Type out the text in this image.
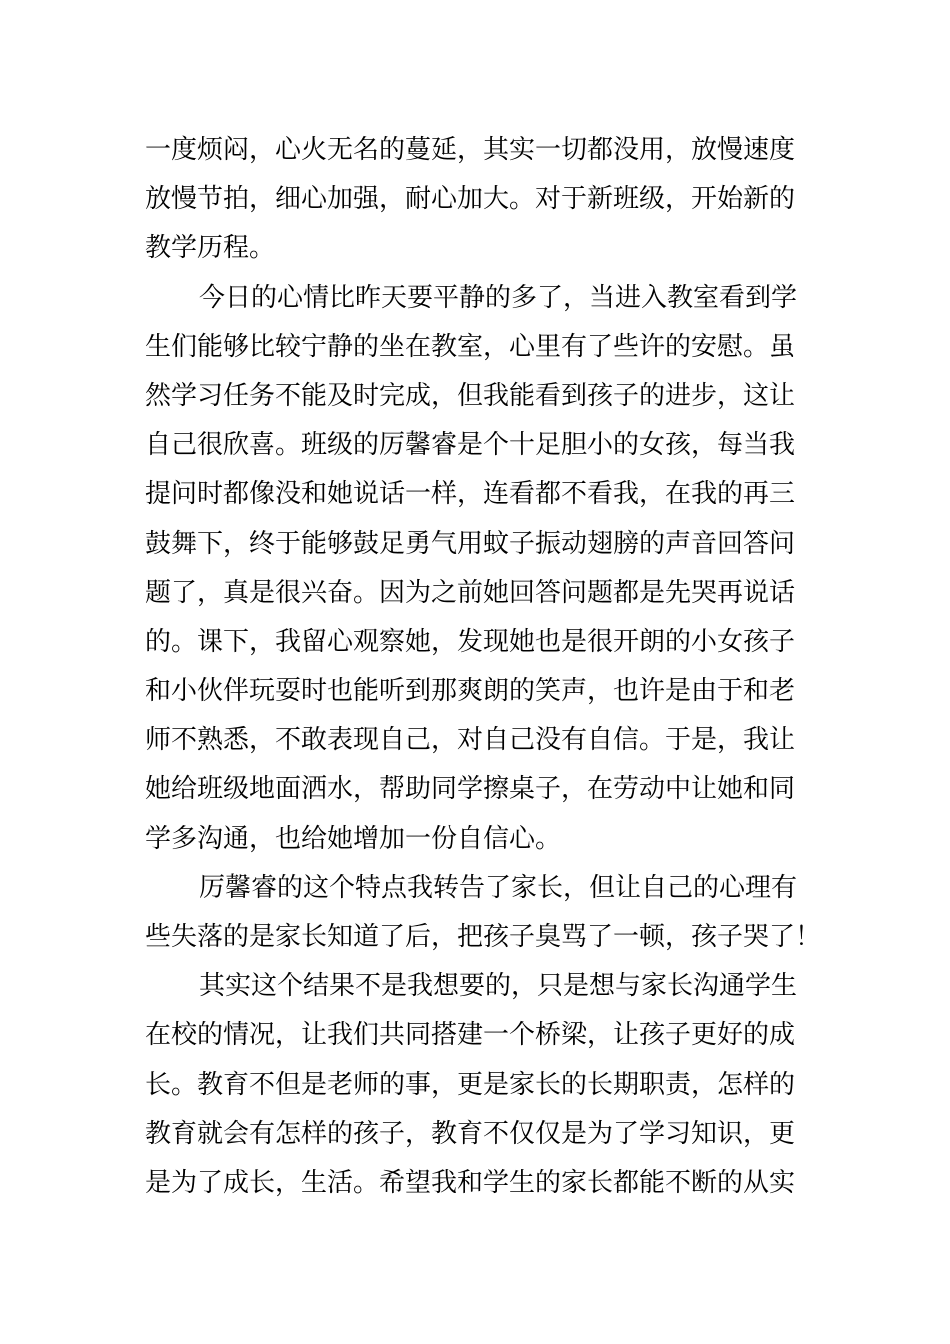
一度烦闷，心火无名的蔓延，其实一切都没用，放慢速度
放慢节拍，细心加强，耐心加大。对于新班级，开始新的
教学历程。
今日的心情比昨天要平静的多了，当进入教室看到学
生们能够比较宁静的坐在教室，心里有了些许的安慰。虽
然学习任务不能及时完成，但我能看到孩子的进步，这让
自己很欣喜。班级的厉馨睿是个十足胆小的女孩，每当我
提问时都像没和她说话一样，连看都不看我，在我的再三
鼓舞下，终于能够鼓足勇气用蚊子振动翅膀的声音回答问
题了，真是很兴奋。因为之前她回答问题都是先哭再说话
的。课下，我留心观察她，发现她也是很开朗的小女孩子
和小伙伴玩耍时也能听到那爽朗的笑声，也许是由于和老
师不熟悉，不敢表现自己，对自己没有自信。于是，我让
她给班级地面洒水，帮助同学擦桌子，在劳动中让她和同
学多沟通，也给她增加一份自信心。
厉馨睿的这个特点我转告了家长，但让自己的心理有
些失落的是家长知道了后，把孩子臭骂了一顿，孩子哭了！
其实这个结果不是我想要的，只是想与家长沟通学生
在校的情况，让我们共同搭建一个桥梁，让孩子更好的成
长。教育不但是老师的事，更是家长的长期职责，怎样的
教育就会有怎样的孩子，教育不仅仅是为了学习知识，更
是为了成长，生活。希望我和学生的家长都能不断的从实
